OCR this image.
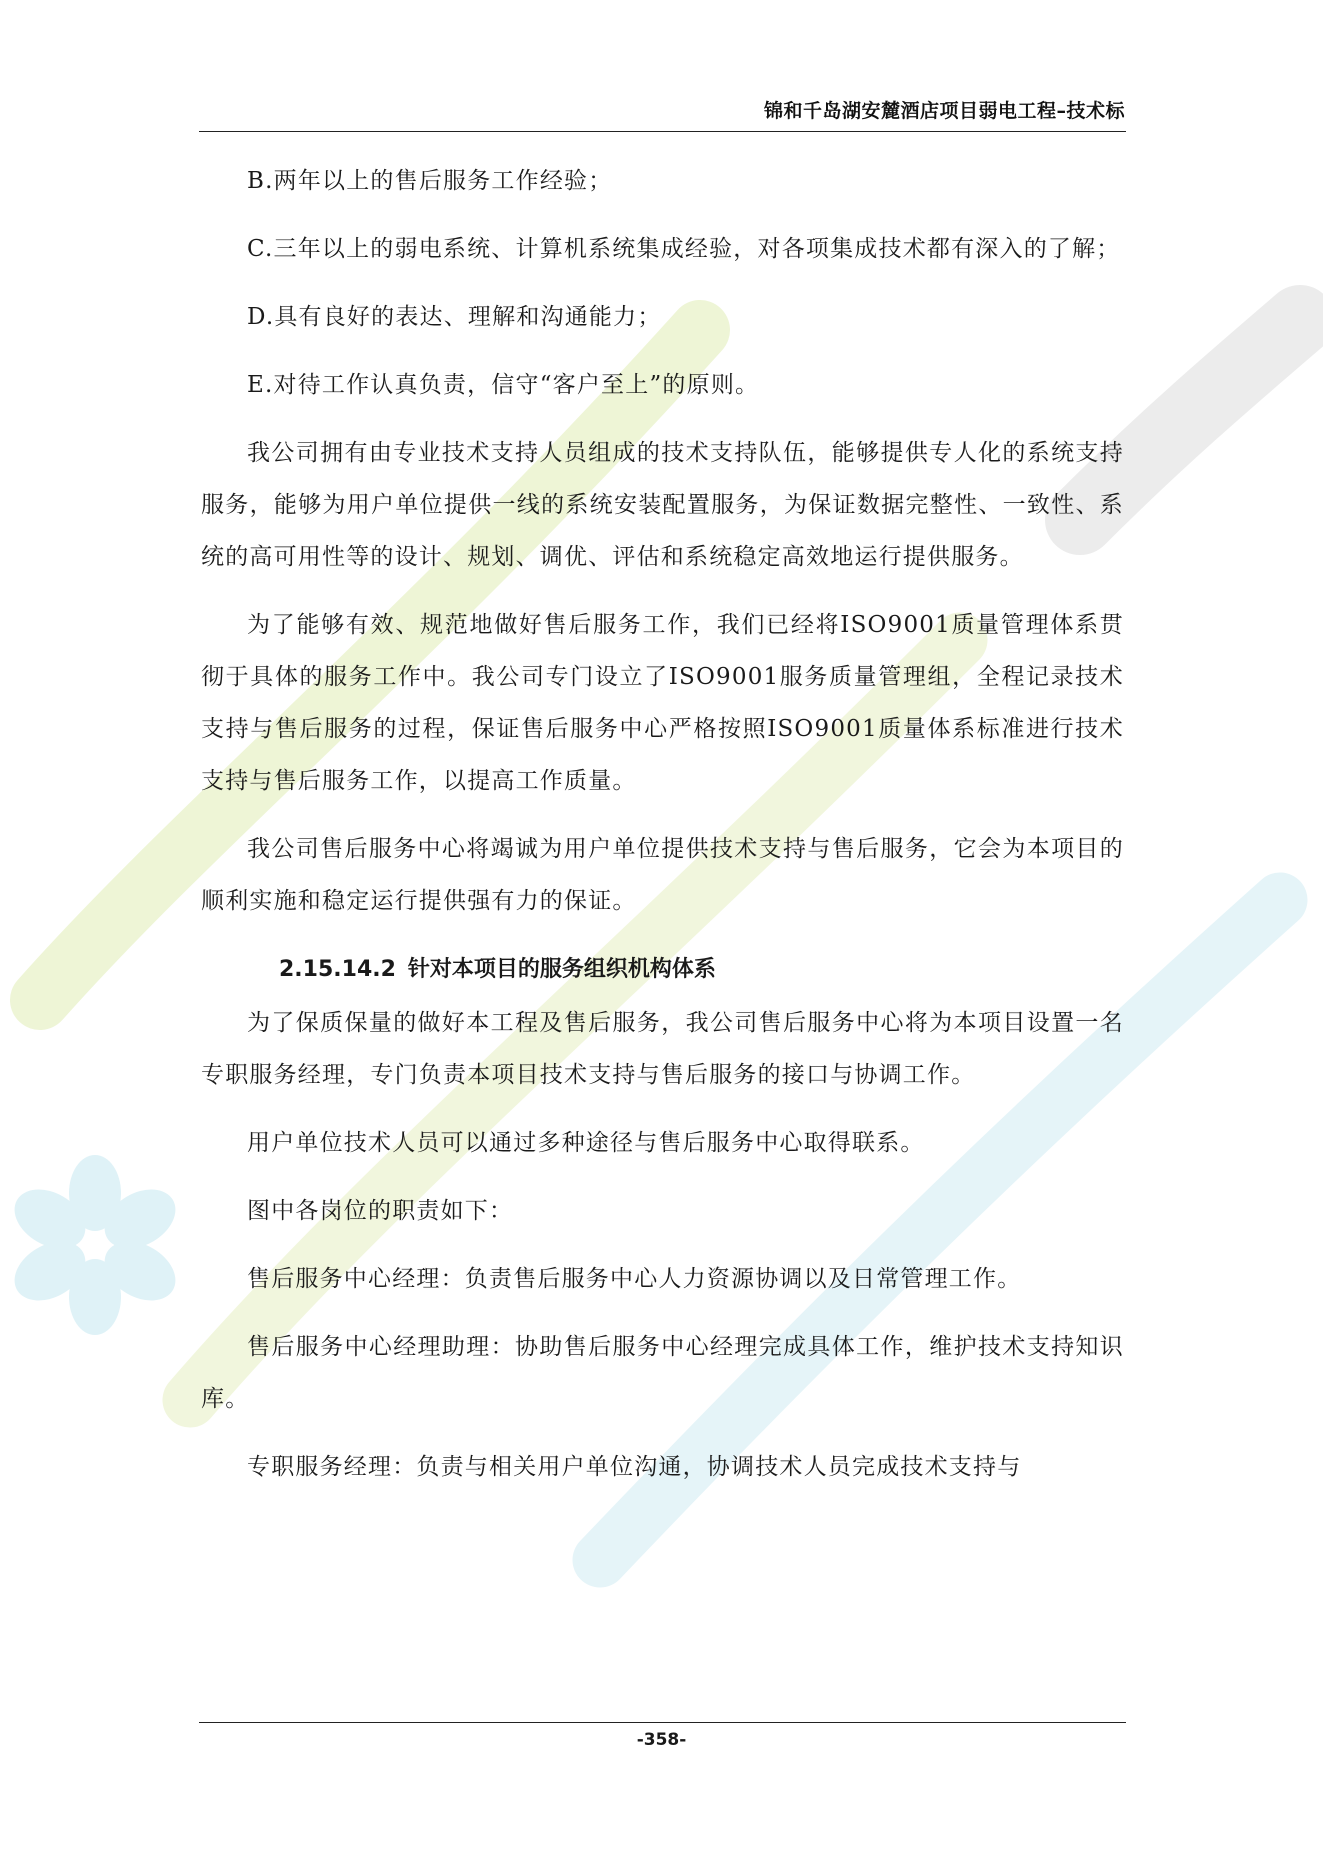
锦和千岛湖安麓酒店项目弱电工程–技术标

B.两年以上的售后服务工作经验；

C.三年以上的弱电系统、计算机系统集成经验，对各项集成技术都有深入的了解；

D.具有良好的表达、理解和沟通能力；

E.对待工作认真负责，信守“客户至上”的原则。

我公司拥有由专业技术支持人员组成的技术支持队伍，能够提供专人化的系统支持服务，能够为用户单位提供一线的系统安装配置服务，为保证数据完整性、一致性、系统的高可用性等的设计、规划、调优、评估和系统稳定高效地运行提供服务。

为了能够有效、规范地做好售后服务工作，我们已经将ISO9001质量管理体系贯彻于具体的服务工作中。我公司专门设立了ISO9001服务质量管理组，全程记录技术支持与售后服务的过程，保证售后服务中心严格按照ISO9001质量体系标准进行技术支持与售后服务工作，以提高工作质量。

我公司售后服务中心将竭诚为用户单位提供技术支持与售后服务，它会为本项目的顺利实施和稳定运行提供强有力的保证。

2.15.14.2 针对本项目的服务组织机构体系

为了保质保量的做好本工程及售后服务，我公司售后服务中心将为本项目设置一名专职服务经理，专门负责本项目技术支持与售后服务的接口与协调工作。

用户单位技术人员可以通过多种途径与售后服务中心取得联系。

图中各岗位的职责如下：

售后服务中心经理：负责售后服务中心人力资源协调以及日常管理工作。

售后服务中心经理助理：协助售后服务中心经理完成具体工作，维护技术支持知识库。

专职服务经理：负责与相关用户单位沟通，协调技术人员完成技术支持与

-358-
